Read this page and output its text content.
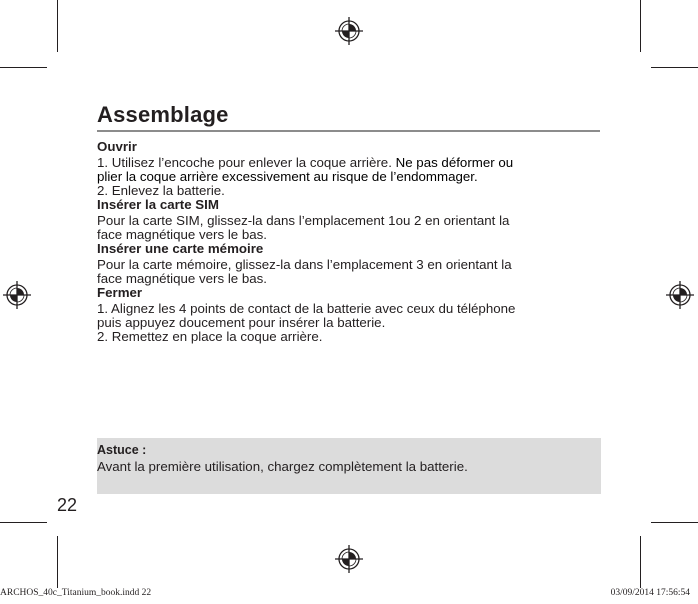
Assemblage

Ouvrir

1. Utilisez l’encoche pour enlever la coque arrière. Ne pas déformer ou

plier la coque arrière excessivement au risque de l’endommager.

2. Enlevez la batterie.

Insérer la carte SIM

Pour la carte SIM, glissez-la dans l’emplacement 1ou 2 en orientant la

face magnétique vers le bas.

Insérer une carte mémoire

Pour la carte mémoire, glissez-la dans l’emplacement 3 en orientant la

face magnétique vers le bas.

Fermer

1. Alignez les 4 points de contact de la batterie avec ceux du téléphone

puis appuyez doucement pour insérer la batterie.

2. Remettez en place la coque arrière.

Astuce :
Avant la première utilisation, chargez complètement la batterie.
22
ARCHOS_40c_Titanium_book.indd 22	03/09/2014 17:56:54
